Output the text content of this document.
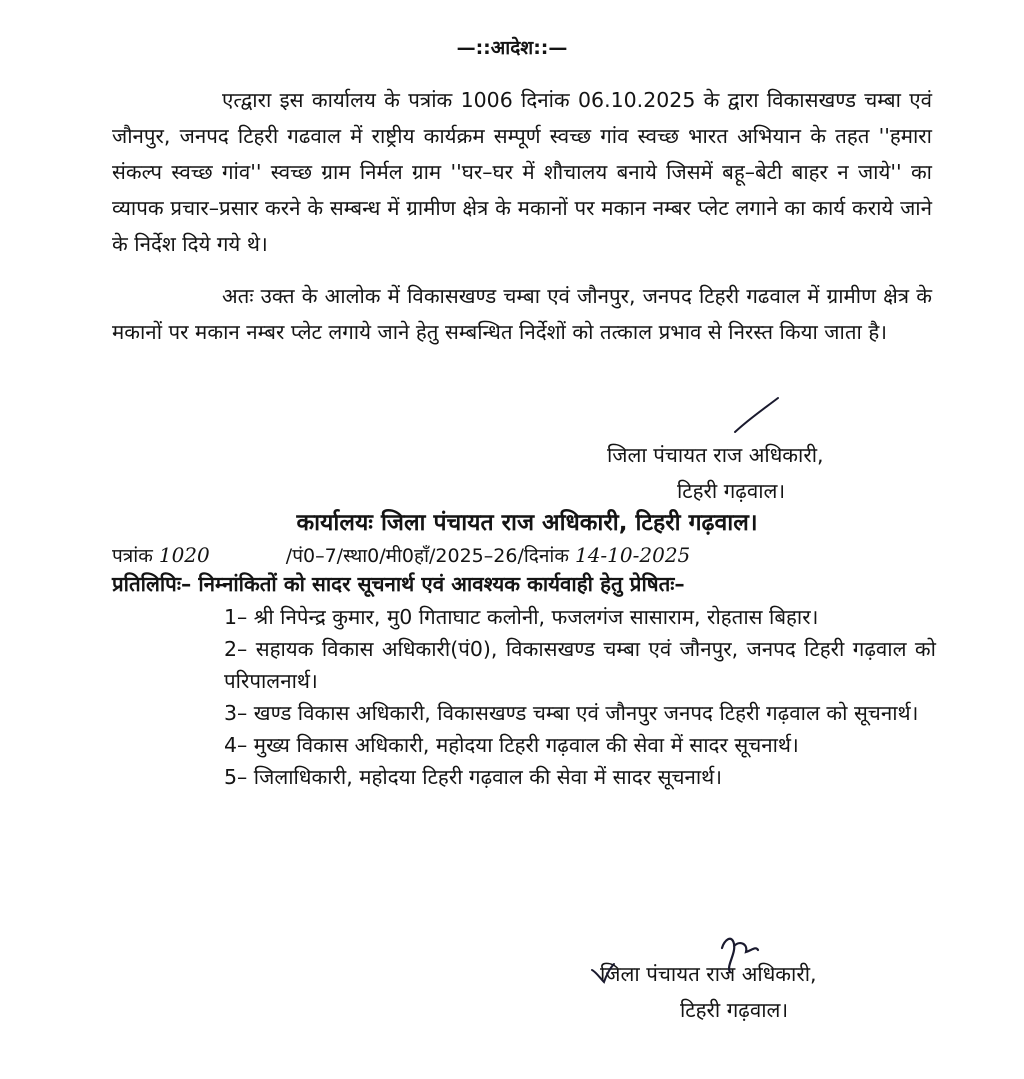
—::आदेश::—

एत्द्वारा इस कार्यालय के पत्रांक 1006 दिनांक 06.10.2025 के द्वारा विकासखण्ड चम्बा एवं जौनपुर, जनपद टिहरी गढवाल में राष्ट्रीय कार्यक्रम सम्पूर्ण स्वच्छ गांव स्वच्छ भारत अभियान के तहत ''हमारा संकल्प स्वच्छ गांव'' स्वच्छ ग्राम निर्मल ग्राम ''घर–घर में शौचालय बनाये जिसमें बहू–बेटी बाहर न जाये'' का व्यापक प्रचार–प्रसार करने के सम्बन्ध में ग्रामीण क्षेत्र के मकानों पर मकान नम्बर प्लेट लगाने का कार्य कराये जाने के निर्देश दिये गये थे।

अतः उक्त के आलोक में विकासखण्ड चम्बा एवं जौनपुर, जनपद टिहरी गढवाल में ग्रामीण क्षेत्र के मकानों पर मकान नम्बर प्लेट लगाये जाने हेतु सम्बन्धित निर्देशों को तत्काल प्रभाव से निरस्त किया जाता है।

जिला पंचायत राज अधिकारी,
टिहरी गढ़वाल।
कार्यालयः जिला पंचायत राज अधिकारी, टिहरी गढ़वाल।
पत्रांक 1020	/पं0–7/स्था0/मी0हाँ/2025–26/दिनांक 14-10-2025
प्रतिलिपिः– निम्नांकितों को सादर सूचनार्थ एवं आवश्यक कार्यवाही हेतु प्रेषितः–
1– श्री निपेन्द्र कुमार, मु0 गिताघाट कलोनी, फजलगंज सासाराम, रोहतास बिहार।
2– सहायक विकास अधिकारी(पं0), विकासखण्ड चम्बा एवं जौनपुर, जनपद टिहरी गढ़वाल को परिपालनार्थ।
3– खण्ड विकास अधिकारी, विकासखण्ड चम्बा एवं जौनपुर जनपद टिहरी गढ़वाल को सूचनार्थ।
4– मुख्य विकास अधिकारी, महोदया टिहरी गढ़वाल की सेवा में सादर सूचनार्थ।
5– जिलाधिकारी, महोदया टिहरी गढ़वाल की सेवा में सादर सूचनार्थ।
जिला पंचायत राज अधिकारी,
टिहरी गढ़वाल।
